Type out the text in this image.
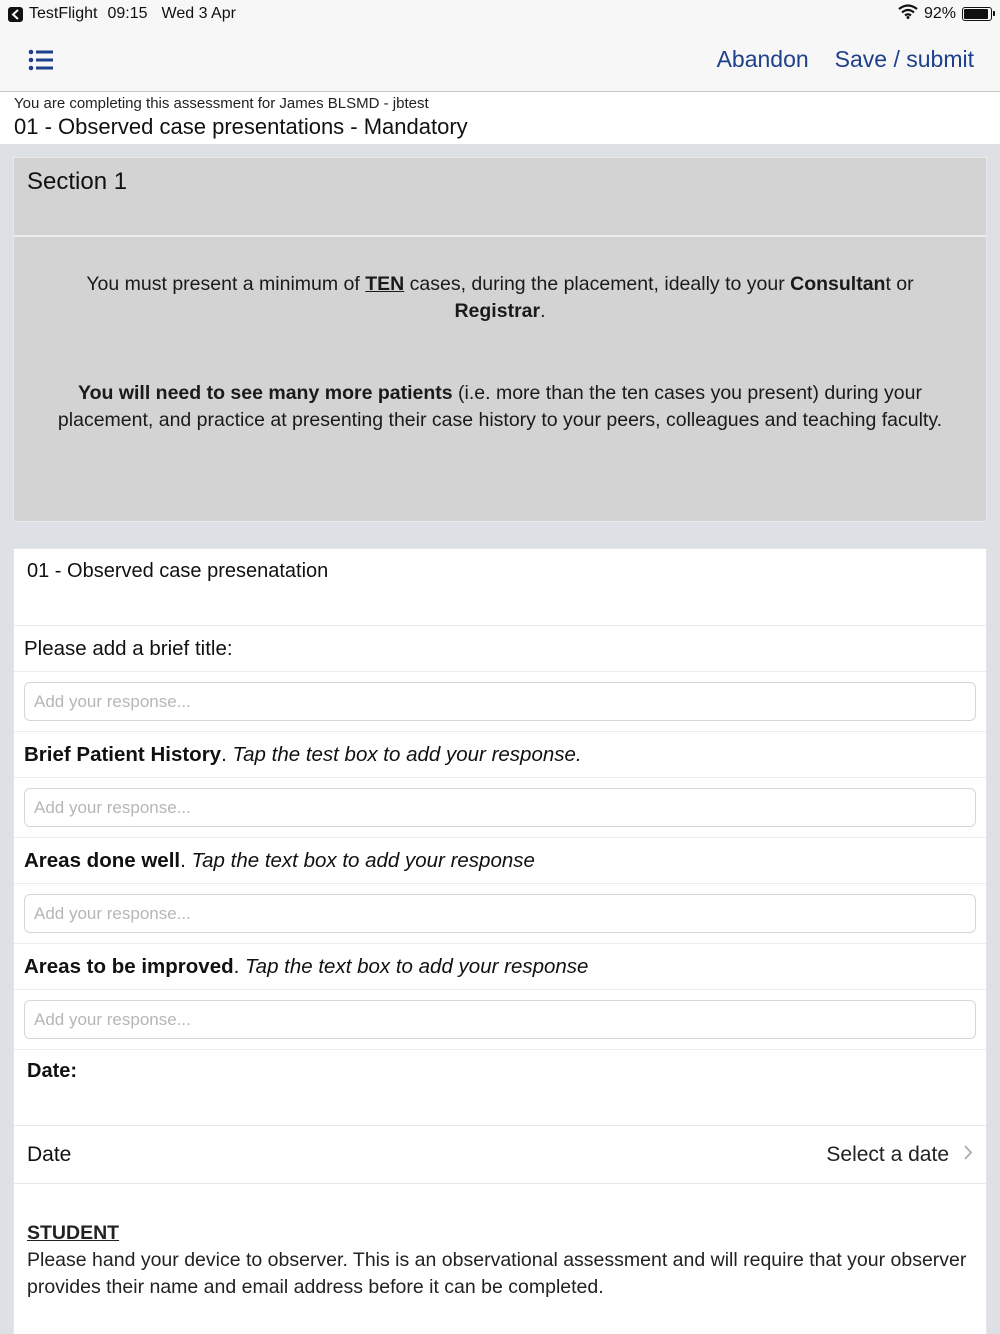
TestFlight 09:15 Wed 3 Apr	92%
Abandon Save / submit
You are completing this assessment for James BLSMD - jbtest
01 - Observed case presentations - Mandatory
Section 1

You must present a minimum of TEN cases, during the placement, ideally to your Consultant or Registrar.

You will need to see many more patients (i.e. more than the ten cases you present) during your placement, and practice at presenting their case history to your peers, colleagues and teaching faculty.

01 - Observed case presenatation
Please add a brief title:
Add your response...
Brief Patient History . Tap the test box to add your response.
Add your response...
Areas done well . Tap the text box to add your response
Add your response...
Areas to be improved . Tap the text box to add your response
Add your response...
Date:
Date	Select a date
STUDENT
Please hand your device to observer. This is an observational assessment and will require that your observer provides their name and email address before it can be completed.
